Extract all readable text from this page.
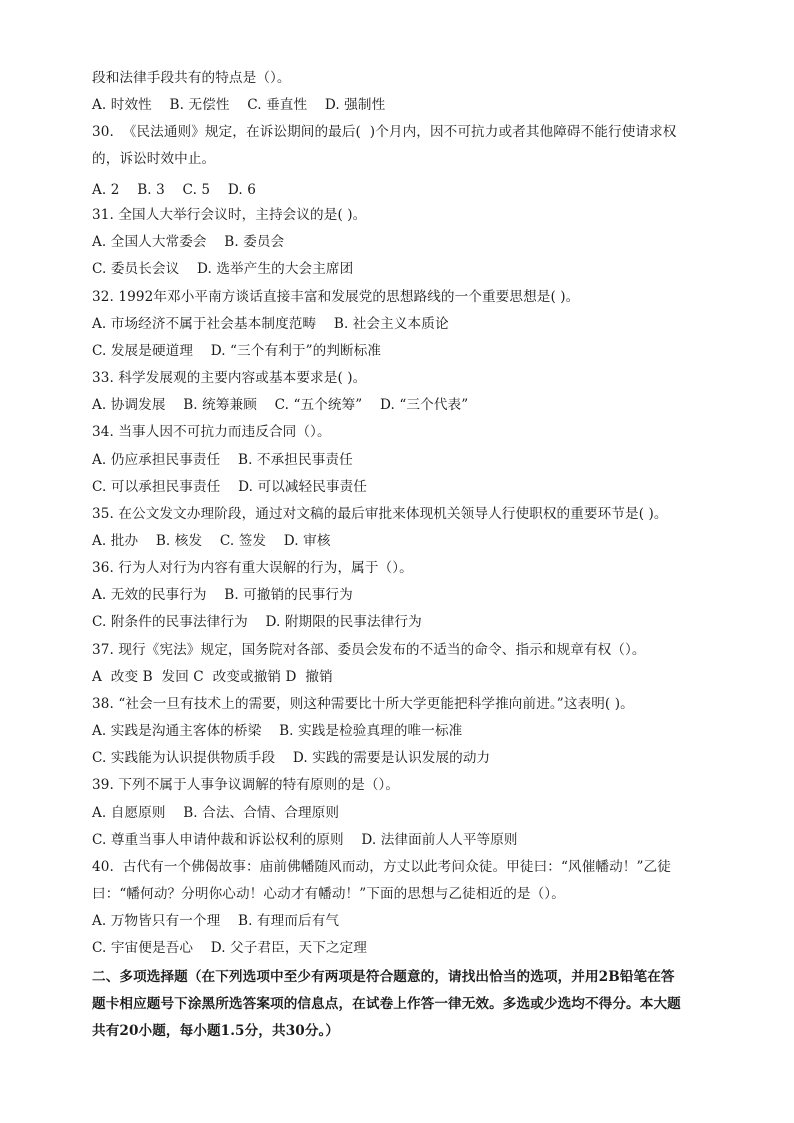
段和法律手段共有的特点是（）。
A. 时效性    B. 无偿性    C. 垂直性    D. 强制性
30.  《民法通则》规定，在诉讼期间的最后(  )个月内，因不可抗力或者其他障碍不能行使请求权
的，诉讼时效中止。
A. 2    B. 3    C. 5    D. 6
31. 全国人大举行会议时，主持会议的是( )。
A. 全国人大常委会    B. 委员会
C. 委员长会议    D. 选举产生的大会主席团
32. 1992年邓小平南方谈话直接丰富和发展党的思想路线的一个重要思想是( )。
A. 市场经济不属于社会基本制度范畴    B. 社会主义本质论
C. 发展是硬道理    D. “三个有利于”的判断标准
33. 科学发展观的主要内容或基本要求是( )。
A. 协调发展    B. 统筹兼顾    C. “五个统筹”    D. “三个代表”
34. 当事人因不可抗力而违反合同（）。
A. 仍应承担民事责任    B. 不承担民事责任
C. 可以承担民事责任    D. 可以减轻民事责任
35. 在公文发文办理阶段，通过对文稿的最后审批来体现机关领导人行使职权的重要环节是( )。
A. 批办    B. 核发    C. 签发    D. 审核
36. 行为人对行为内容有重大误解的行为，属于（）。
A. 无效的民事行为    B. 可撤销的民事行为
C. 附条件的民事法律行为    D. 附期限的民事法律行为
37. 现行《宪法》规定，国务院对各部、委员会发布的不适当的命令、指示和规章有权（）。
A  改变 B  发回 C  改变或撤销 D  撤销
38. “社会一旦有技术上的需要，则这种需要比十所大学更能把科学推向前进。”这表明( )。
A. 实践是沟通主客体的桥梁    B. 实践是检验真理的唯一标准
C. 实践能为认识提供物质手段    D. 实践的需要是认识发展的动力
39. 下列不属于人事争议调解的特有原则的是（）。
A. 自愿原则    B. 合法、合情、合理原则
C. 尊重当事人申请仲裁和诉讼权利的原则    D. 法律面前人人平等原则
40.  古代有一个佛偈故事：庙前佛幡随风而动，方丈以此考问众徒。甲徒曰：“风催幡动！”乙徒
曰：“幡何动？分明你心动！心动才有幡动！”下面的思想与乙徒相近的是（）。
A. 万物皆只有一个理    B. 有理而后有气
C. 宇宙便是吾心    D. 父子君臣，天下之定理
二、多项选择题（在下列选项中至少有两项是符合题意的，请找出恰当的选项，并用2B铅笔在答
题卡相应题号下涂黑所选答案项的信息点，在试卷上作答一律无效。多选或少选均不得分。本大题
共有20小题，每小题1.5分，共30分。）
